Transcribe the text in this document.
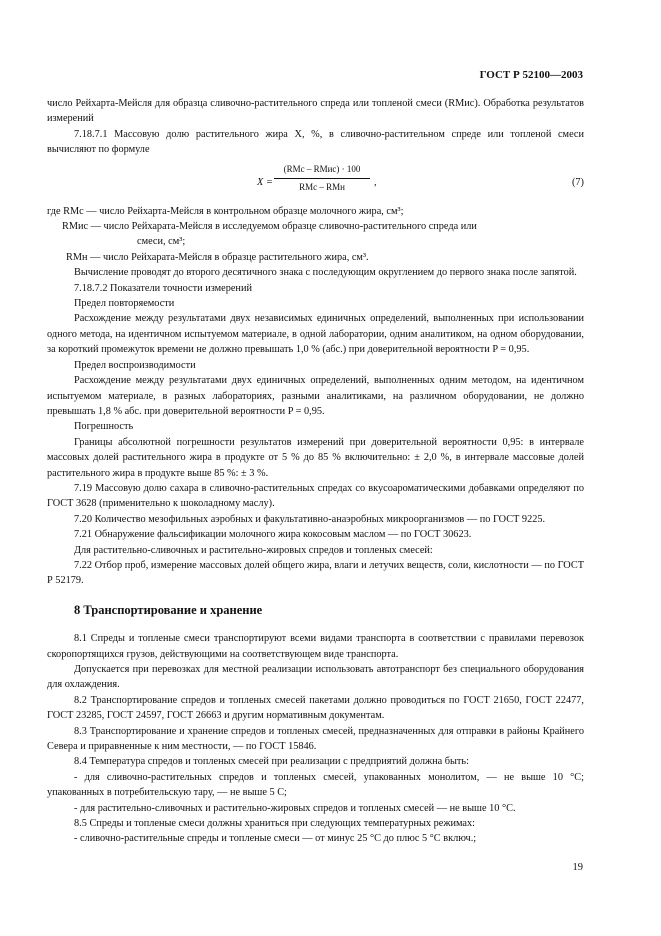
ГОСТ Р 52100—2003

число Рейхарта-Мейсля для образца сливочно-растительного спреда или топленой смеси (RMис). Обработка результатов измерений

7.18.7.1 Массовую долю растительного жира X, %, в сливочно-растительном спреде или топленой смеси вычисляют по формуле

X =
(RMс – RMис) · 100
RMс – RMн	,	(7)

где RMс — число Рейхарта-Мейсля в контрольном образце молочного жира, см³;

RMис — число Рейхарата-Мейсля в исследуемом образце сливочно-растительного спреда или

смеси, см³;

RMн — число Рейхарата-Мейсля в образце растительного жира, см³.

Вычисление проводят до второго десятичного знака с последующим округлением до первого знака после запятой.

7.18.7.2 Показатели точности измерений

Предел повторяемости

Расхождение между результатами двух независимых единичных определений, выполненных при использовании одного метода, на идентичном испытуемом материале, в одной лаборатории, одним аналитиком, на одном оборудовании, за короткий промежуток времени не должно превышать 1,0 % (абс.) при доверительной вероятности P = 0,95.

Предел воспроизводимости

Расхождение между результатами двух единичных определений, выполненных одним методом, на идентичном испытуемом материале, в разных лабораториях, разными аналитиками, на различном оборудовании, не должно превышать 1,8 % абс. при доверительной вероятности P = 0,95.

Погрешность

Границы абсолютной погрешности результатов измерений при доверительной вероятности 0,95: в интервале массовых долей растительного жира в продукте от 5 % до 85 % включительно: ± 2,0 %, в интервале массовые долей растительного жира в продукте выше 85 %: ± 3 %.

7.19 Массовую долю сахара в сливочно-растительных спредах со вкусоароматическими добавками определяют по ГОСТ 3628 (применительно к шоколадному маслу).

7.20 Количество мезофильных аэробных и факультативно-анаэробных микроорганизмов — по ГОСТ 9225.

7.21 Обнаружение фальсификации молочного жира кокосовым маслом — по ГОСТ 30623.

Для растительно-сливочных и растительно-жировых спредов и топленых смесей:

7.22 Отбор проб, измерение массовых долей общего жира, влаги и летучих веществ, соли, кислотности — по ГОСТ Р 52179.

8 Транспортирование и хранение

8.1 Спреды и топленые смеси транспортируют всеми видами транспорта в соответствии с правилами перевозок скоропортящихся грузов, действующими на соответствующем виде транспорта.

Допускается при перевозках для местной реализации использовать автотранспорт без специального оборудования для охлаждения.

8.2 Транспортирование спредов и топленых смесей пакетами должно проводиться по ГОСТ 21650, ГОСТ 22477, ГОСТ 23285, ГОСТ 24597, ГОСТ 26663 и другим нормативным документам.

8.3 Транспортирование и хранение спредов и топленых смесей, предназначенных для отправки в районы Крайнего Севера и приравненные к ним местности, — по ГОСТ 15846.

8.4 Температура спредов и топленых смесей при реализации с предприятий должна быть:

- для сливочно-растительных спредов и топленых смесей, упакованных монолитом, — не выше 10 °С; упакованных в потребительскую тару, — не выше 5 С;

- для растительно-сливочных и растительно-жировых спредов и топленых смесей — не выше 10 °С.

8.5 Спреды и топленые смеси должны храниться при следующих температурных режимах:

- сливочно-растительные спреды и топленые смеси — от минус 25 °С до плюс 5 °С включ.;

19
